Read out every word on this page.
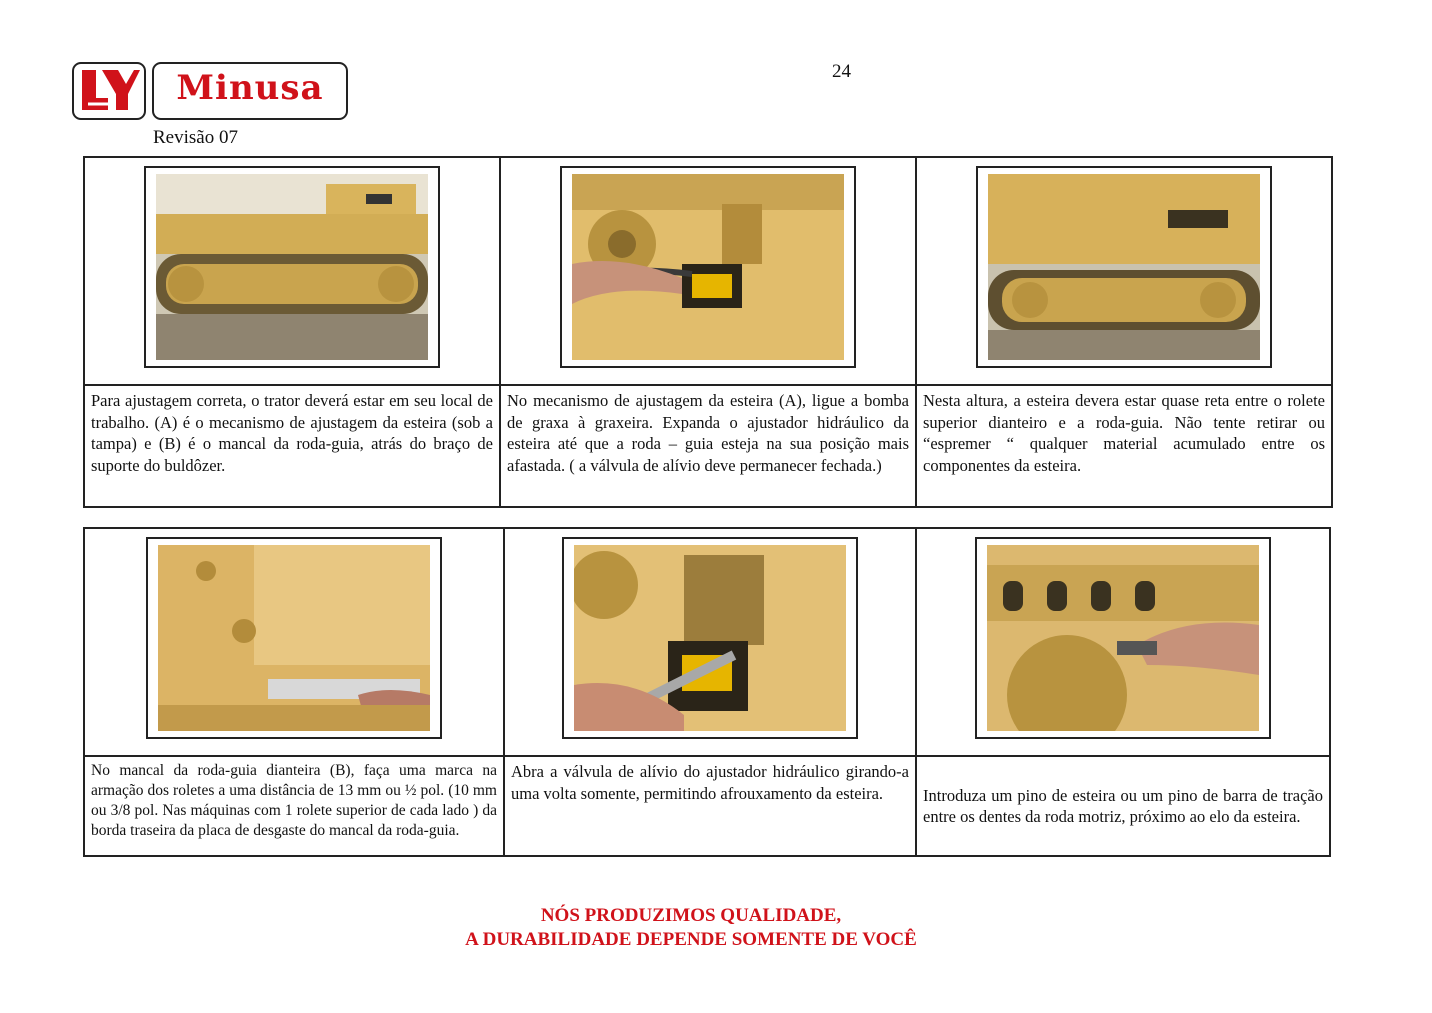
Minusa
Revisão 07
24

Para ajustagem correta, o trator deverá estar em seu local de trabalho. (A) é o mecanismo de ajustagem da esteira (sob a tampa) e (B) é o mancal da roda-guia, atrás do braço de suporte do buldôzer.	No mecanismo de ajustagem da esteira (A), ligue a bomba de graxa à graxeira. Expanda o ajustador hidráulico da esteira até que a roda – guia esteja na sua posição mais afastada. ( a válvula de alívio deve permanecer fechada.)	Nesta altura, a esteira devera estar quase reta entre o rolete superior dianteiro e a roda-guia. Não tente retirar ou “espremer “ qualquer material acumulado entre os componentes da esteira.

No mancal da roda-guia dianteira (B), faça uma marca na armação dos roletes a uma distância de 13 mm ou ½ pol. (10 mm ou 3/8 pol. Nas máquinas com 1 rolete superior de cada lado ) da borda traseira da placa de desgaste do mancal da roda-guia.	Abra a válvula de alívio do ajustador hidráulico girando-a uma volta somente, permitindo afrouxamento da esteira.	Introduza um pino de esteira ou um pino de barra de tração entre os dentes da roda motriz, próximo ao elo da esteira.
NÓS PRODUZIMOS QUALIDADE,
A DURABILIDADE DEPENDE SOMENTE DE VOCÊ
